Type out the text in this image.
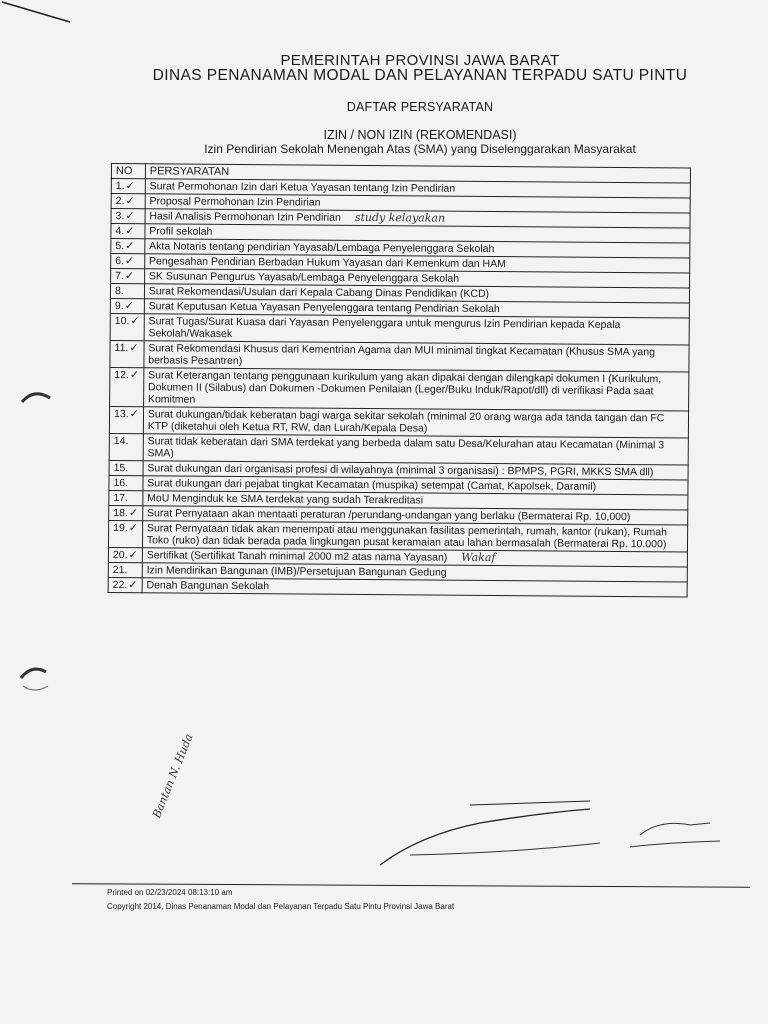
PEMERINTAH PROVINSI JAWA BARAT
DINAS PENANAMAN MODAL DAN PELAYANAN TERPADU SATU PINTU
DAFTAR PERSYARATAN
IZIN / NON IZIN (REKOMENDASI)
Izin Pendirian Sekolah Menengah Atas (SMA) yang Diselenggarakan Masyarakat
NO	PERSYARATAN
1.✓	Surat Permohonan Izin dari Ketua Yayasan tentang Izin Pendirian
2.✓	Proposal Permohonan Izin Pendirian
3.✓	Hasil Analisis Permohonan Izin Pendirian study kelayakan
4.✓	Profil sekolah
5.✓	Akta Notaris tentang pendirian Yayasab/Lembaga Penyelenggara Sekolah
6.✓	Pengesahan Pendirian Berbadan Hukum Yayasan dari Kemenkum dan HAM
7.✓	SK Susunan Pengurus Yayasab/Lembaga Penyelenggara Sekolah
8.	Surat Rekomendasi/Usulan dari Kepala Cabang Dinas Pendidikan (KCD)
9.✓	Surat Keputusan Ketua Yayasan Penyelenggara tentang Pendirian Sekolah
10.✓	Surat Tugas/Surat Kuasa dari Yayasan Penyelenggara untuk mengurus Izin Pendirian kepada Kepala Sekolah/Wakasek
11.✓	Surat Rekomendasi Khusus dari Kementrian Agama dan MUI minimal tingkat Kecamatan (Khusus SMA yang berbasis Pesantren)
12.✓	Surat Keterangan tentang penggunaan kurikulum yang akan dipakai dengan dilengkapi dokumen I (Kurikulum, Dokumen II (Silabus) dan Dokumen -Dokumen Penilaian (Leger/Buku Induk/Rapot/dll) di verifikasi Pada saat Komitmen
13.✓	Surat dukungan/tidak keberatan bagi warga sekitar sekolah (minimal 20 orang warga ada tanda tangan dan FC KTP (diketahui oleh Ketua RT, RW, dan Lurah/Kepala Desa)
14.	Surat tidak keberatan dari SMA terdekat yang berbeda dalam satu Desa/Kelurahan atau Kecamatan (Minimal 3 SMA)
15.	Surat dukungan dari organisasi profesi di wilayahnya (minimal 3 organisasi) : BPMPS, PGRI, MKKS SMA dll)
16.	Surat dukungan dari pejabat tingkat Kecamatan (muspika) setempat (Camat, Kapolsek, Daramil)
17.	MoU Menginduk ke SMA terdekat yang sudah Terakreditasi
18.✓	Surat Pernyataan akan mentaati peraturan /perundang-undangan yang berlaku (Bermaterai Rp. 10,000)
19.✓	Surat Pernyataan tidak akan menempati atau menggunakan fasilitas pemerintah, rumah, kantor (rukan), Rumah Toko (ruko) dan tidak berada pada lingkungan pusat keramaian atau lahan bermasalah (Bermaterai Rp. 10.000)
20.✓	Sertifikat (Sertifikat Tanah minimal 2000 m2 atas nama Yayasan) Wakaf
21.	Izin Mendirikan Bangunan (IMB)/Persetujuan Bangunan Gedung
22.✓	Denah Bangunan Sekolah
Bantan N. Huda
Printed on 02/23/2024 08:13:10 am
Copyright 2014, Dinas Penanaman Modal dan Pelayanan Terpadu Satu Pintu Provinsi Jawa Barat
